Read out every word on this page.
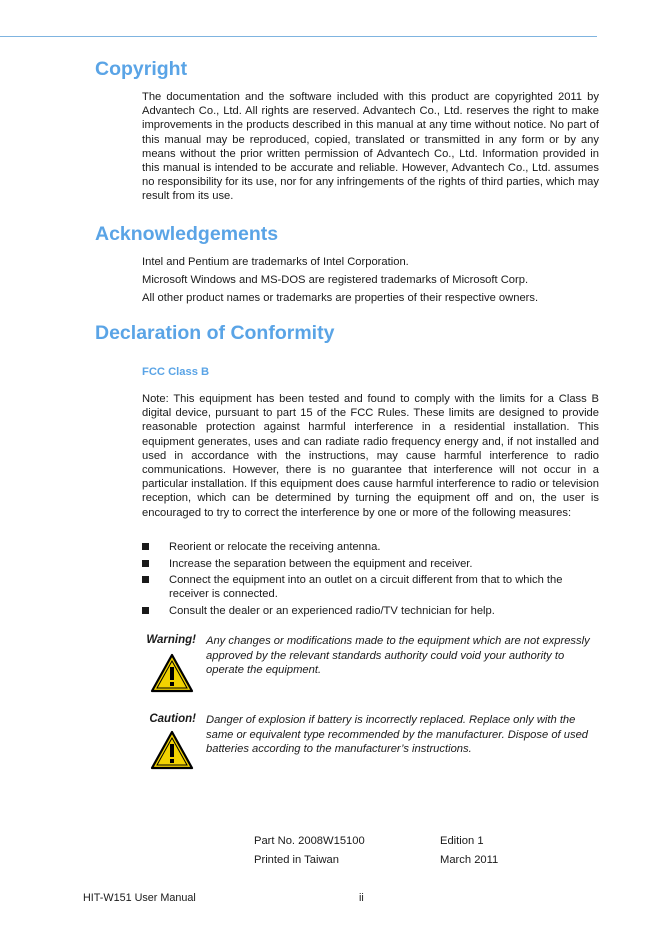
Copyright

The documentation and the software included with this product are copyrighted 2011 by Advantech Co., Ltd. All rights are reserved. Advantech Co., Ltd. reserves the right to make improvements in the products described in this manual at any time without notice. No part of this manual may be reproduced, copied, translated or transmitted in any form or by any means without the prior written permission of Advantech Co., Ltd. Information provided in this manual is intended to be accurate and reliable. However, Advantech Co., Ltd. assumes no responsibility for its use, nor for any infringements of the rights of third parties, which may result from its use.

Acknowledgements

Intel and Pentium are trademarks of Intel Corporation.

Microsoft Windows and MS-DOS are registered trademarks of Microsoft Corp.

All other product names or trademarks are properties of their respective owners.

Declaration of Conformity

FCC Class B

Note: This equipment has been tested and found to comply with the limits for a Class B digital device, pursuant to part 15 of the FCC Rules. These limits are designed to provide reasonable protection against harmful interference in a residential installation. This equipment generates, uses and can radiate radio frequency energy and, if not installed and used in accordance with the instructions, may cause harmful interference to radio communications. However, there is no guarantee that interference will not occur in a particular installation. If this equipment does cause harmful interference to radio or television reception, which can be determined by turning the equipment off and on, the user is encouraged to try to correct the interference by one or more of the following measures:

Reorient or relocate the receiving antenna.
Increase the separation between the equipment and receiver.
Connect the equipment into an outlet on a circuit different from that to which the receiver is connected.
Consult the dealer or an experienced radio/TV technician for help.
Warning! Any changes or modifications made to the equipment which are not expressly approved by the relevant standards authority could void your authority to operate the equipment.

Caution! Danger of explosion if battery is incorrectly replaced. Replace only with the same or equivalent type recommended by the manufacturer. Dispose of used batteries according to the manufacturer’s instructions.

Part No. 2008W15100	Edition 1

Printed in Taiwan	March 2011

HIT-W151 User Manual	ii
